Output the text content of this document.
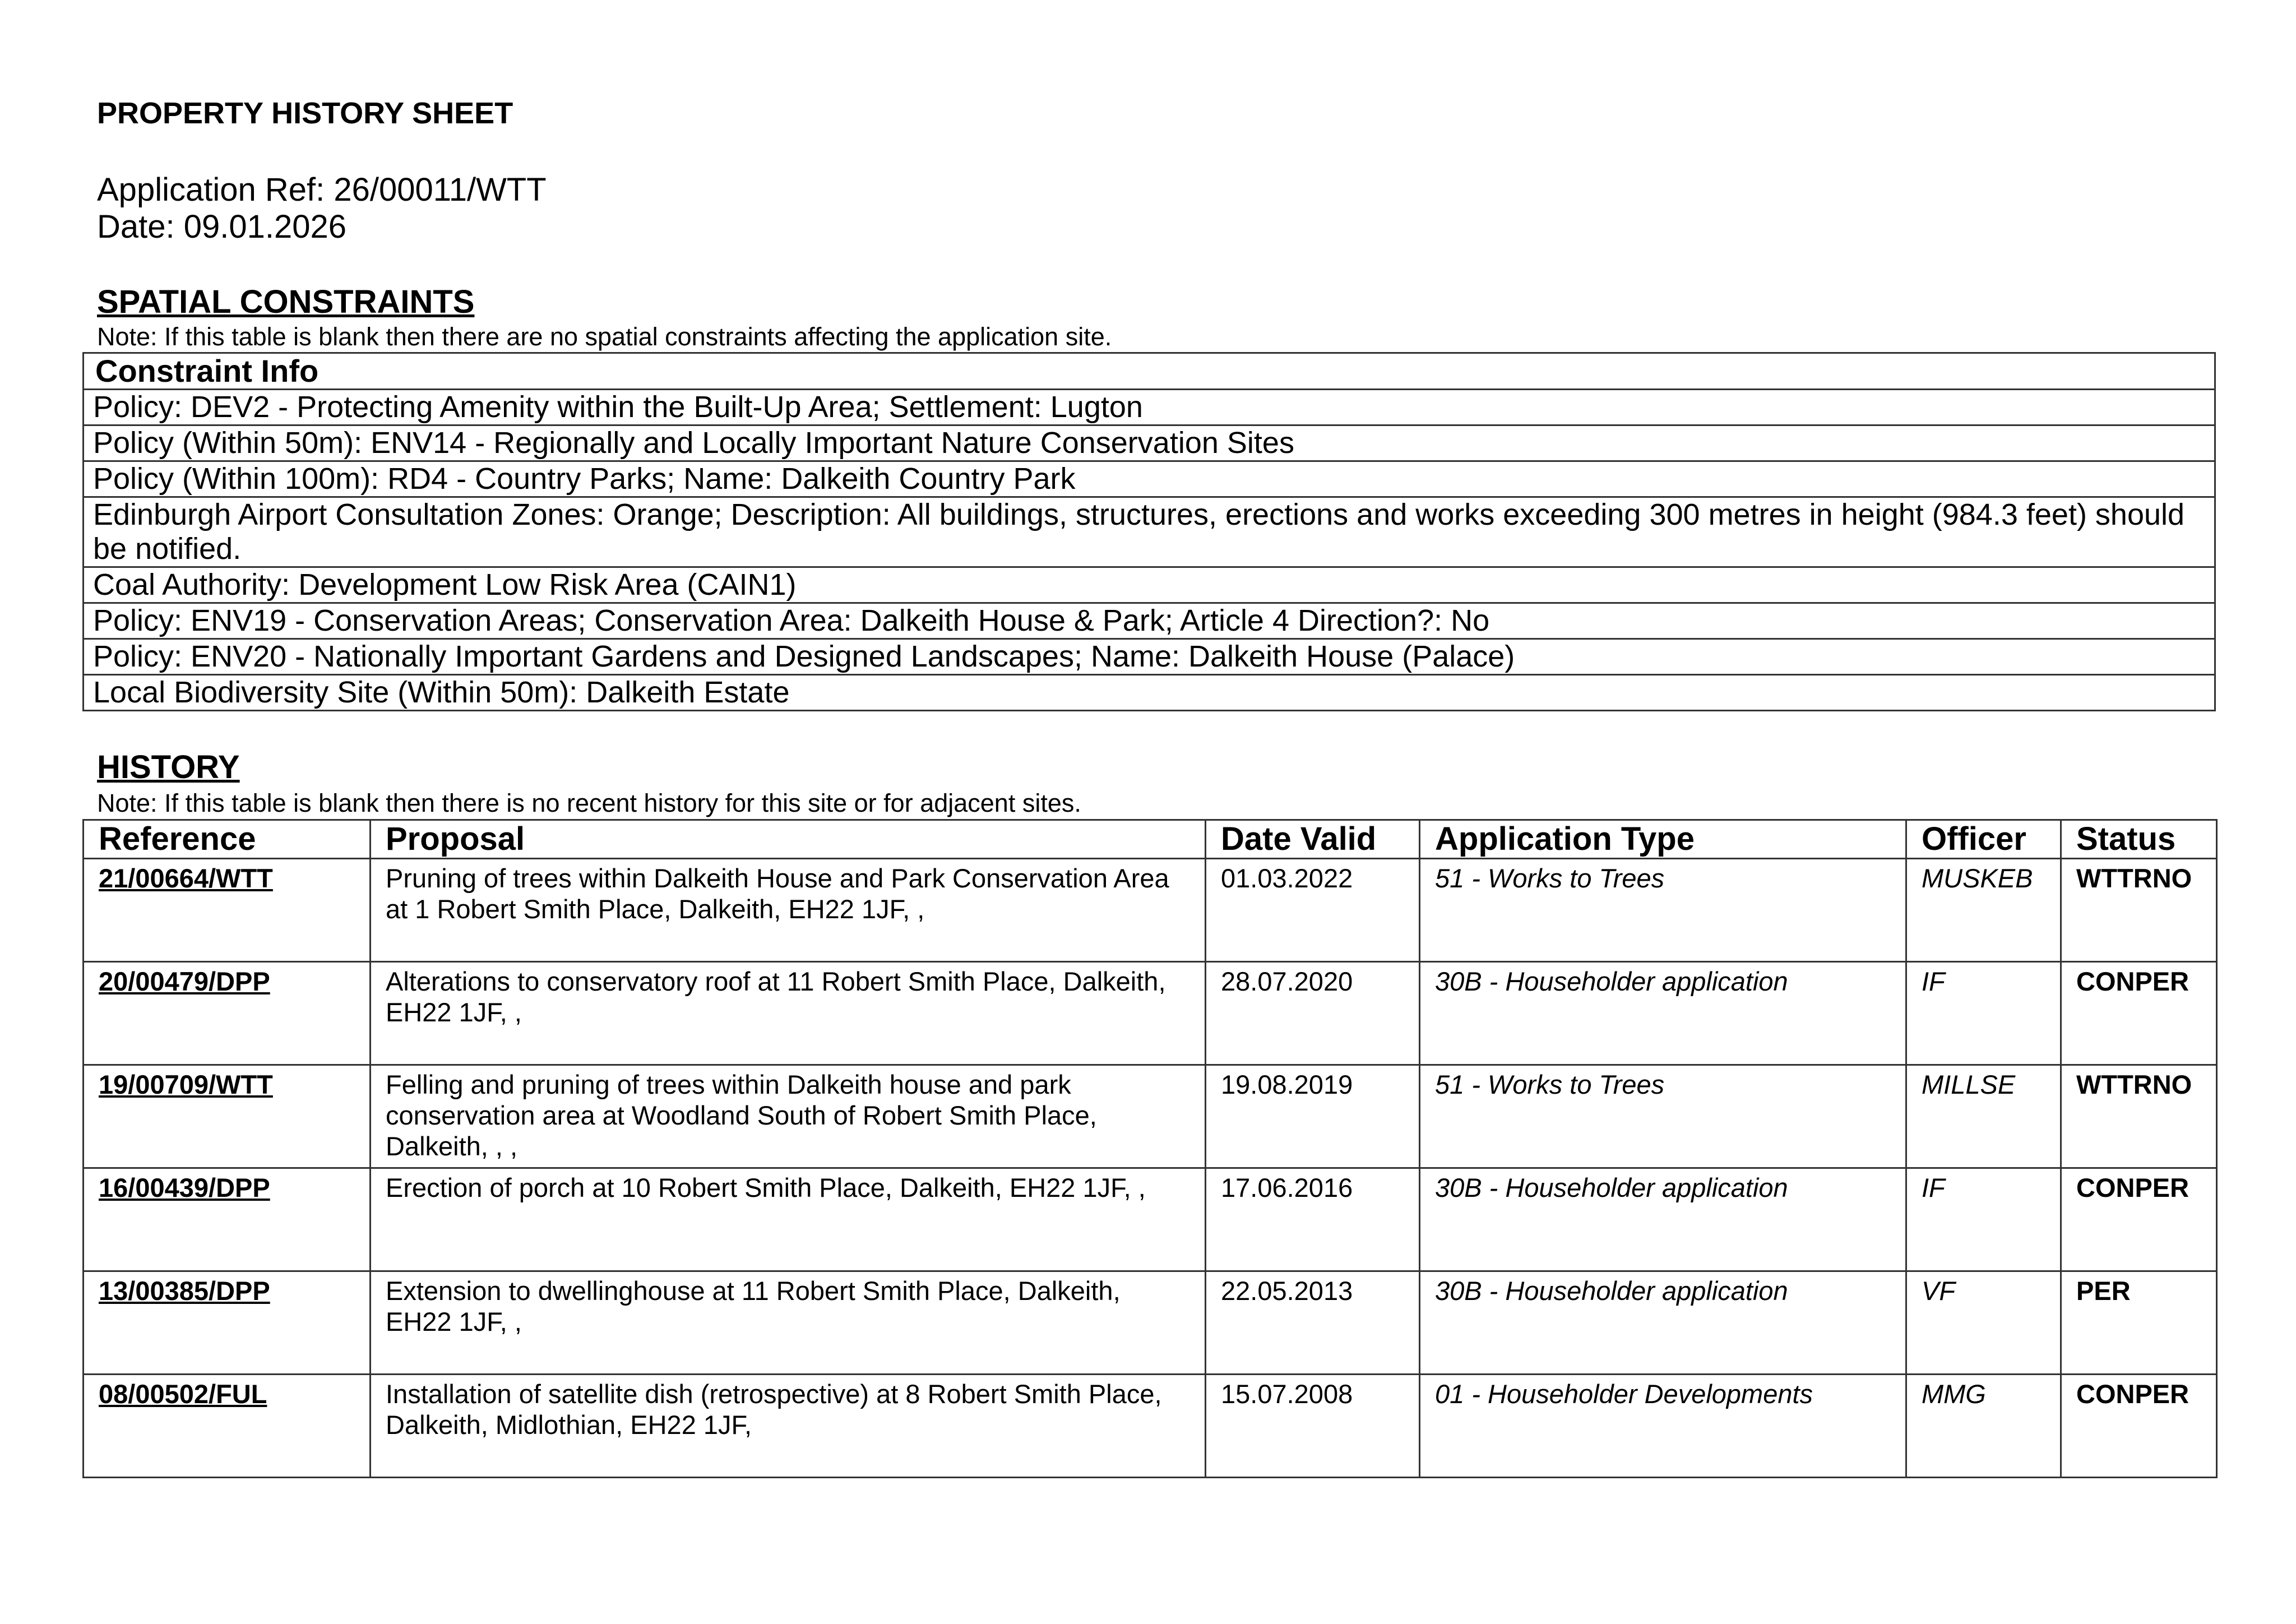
PROPERTY HISTORY SHEET
Application Ref: 26/00011/WTT
Date: 09.01.2026
SPATIAL CONSTRAINTS
Note: If this table is blank then there are no spatial constraints affecting the application site.
Constraint Info
Policy: DEV2 - Protecting Amenity within the Built-Up Area; Settlement: Lugton
Policy (Within 50m): ENV14 - Regionally and Locally Important Nature Conservation Sites
Policy (Within 100m): RD4 - Country Parks; Name: Dalkeith Country Park
Edinburgh Airport Consultation Zones: Orange; Description: All buildings, structures, erections and works exceeding 300 metres in height (984.3 feet) should be notified.
Coal Authority: Development Low Risk Area (CAIN1)
Policy: ENV19 - Conservation Areas; Conservation Area: Dalkeith House & Park; Article 4 Direction?: No
Policy: ENV20 - Nationally Important Gardens and Designed Landscapes; Name: Dalkeith House (Palace)
Local Biodiversity Site (Within 50m): Dalkeith Estate
HISTORY
Note: If this table is blank then there is no recent history for this site or for adjacent sites.
Reference	Proposal	Date Valid	Application Type	Officer	Status
21/00664/WTT	Pruning of trees within Dalkeith House and Park Conservation Area at 1 Robert Smith Place, Dalkeith, EH22 1JF, ,	01.03.2022	51 - Works to Trees	MUSKEB	WTTRNO
20/00479/DPP	Alterations to conservatory roof at 11 Robert Smith Place, Dalkeith, EH22 1JF, ,	28.07.2020	30B - Householder application	IF	CONPER
19/00709/WTT	Felling and pruning of trees within Dalkeith house and park conservation area at Woodland South of Robert Smith Place, Dalkeith, , ,	19.08.2019	51 - Works to Trees	MILLSE	WTTRNO
16/00439/DPP	Erection of porch at 10 Robert Smith Place, Dalkeith, EH22 1JF, ,	17.06.2016	30B - Householder application	IF	CONPER
13/00385/DPP	Extension to dwellinghouse at 11 Robert Smith Place, Dalkeith, EH22 1JF, ,	22.05.2013	30B - Householder application	VF	PER
08/00502/FUL	Installation of satellite dish (retrospective) at 8 Robert Smith Place, Dalkeith, Midlothian, EH22 1JF,	15.07.2008	01 - Householder Developments	MMG	CONPER
